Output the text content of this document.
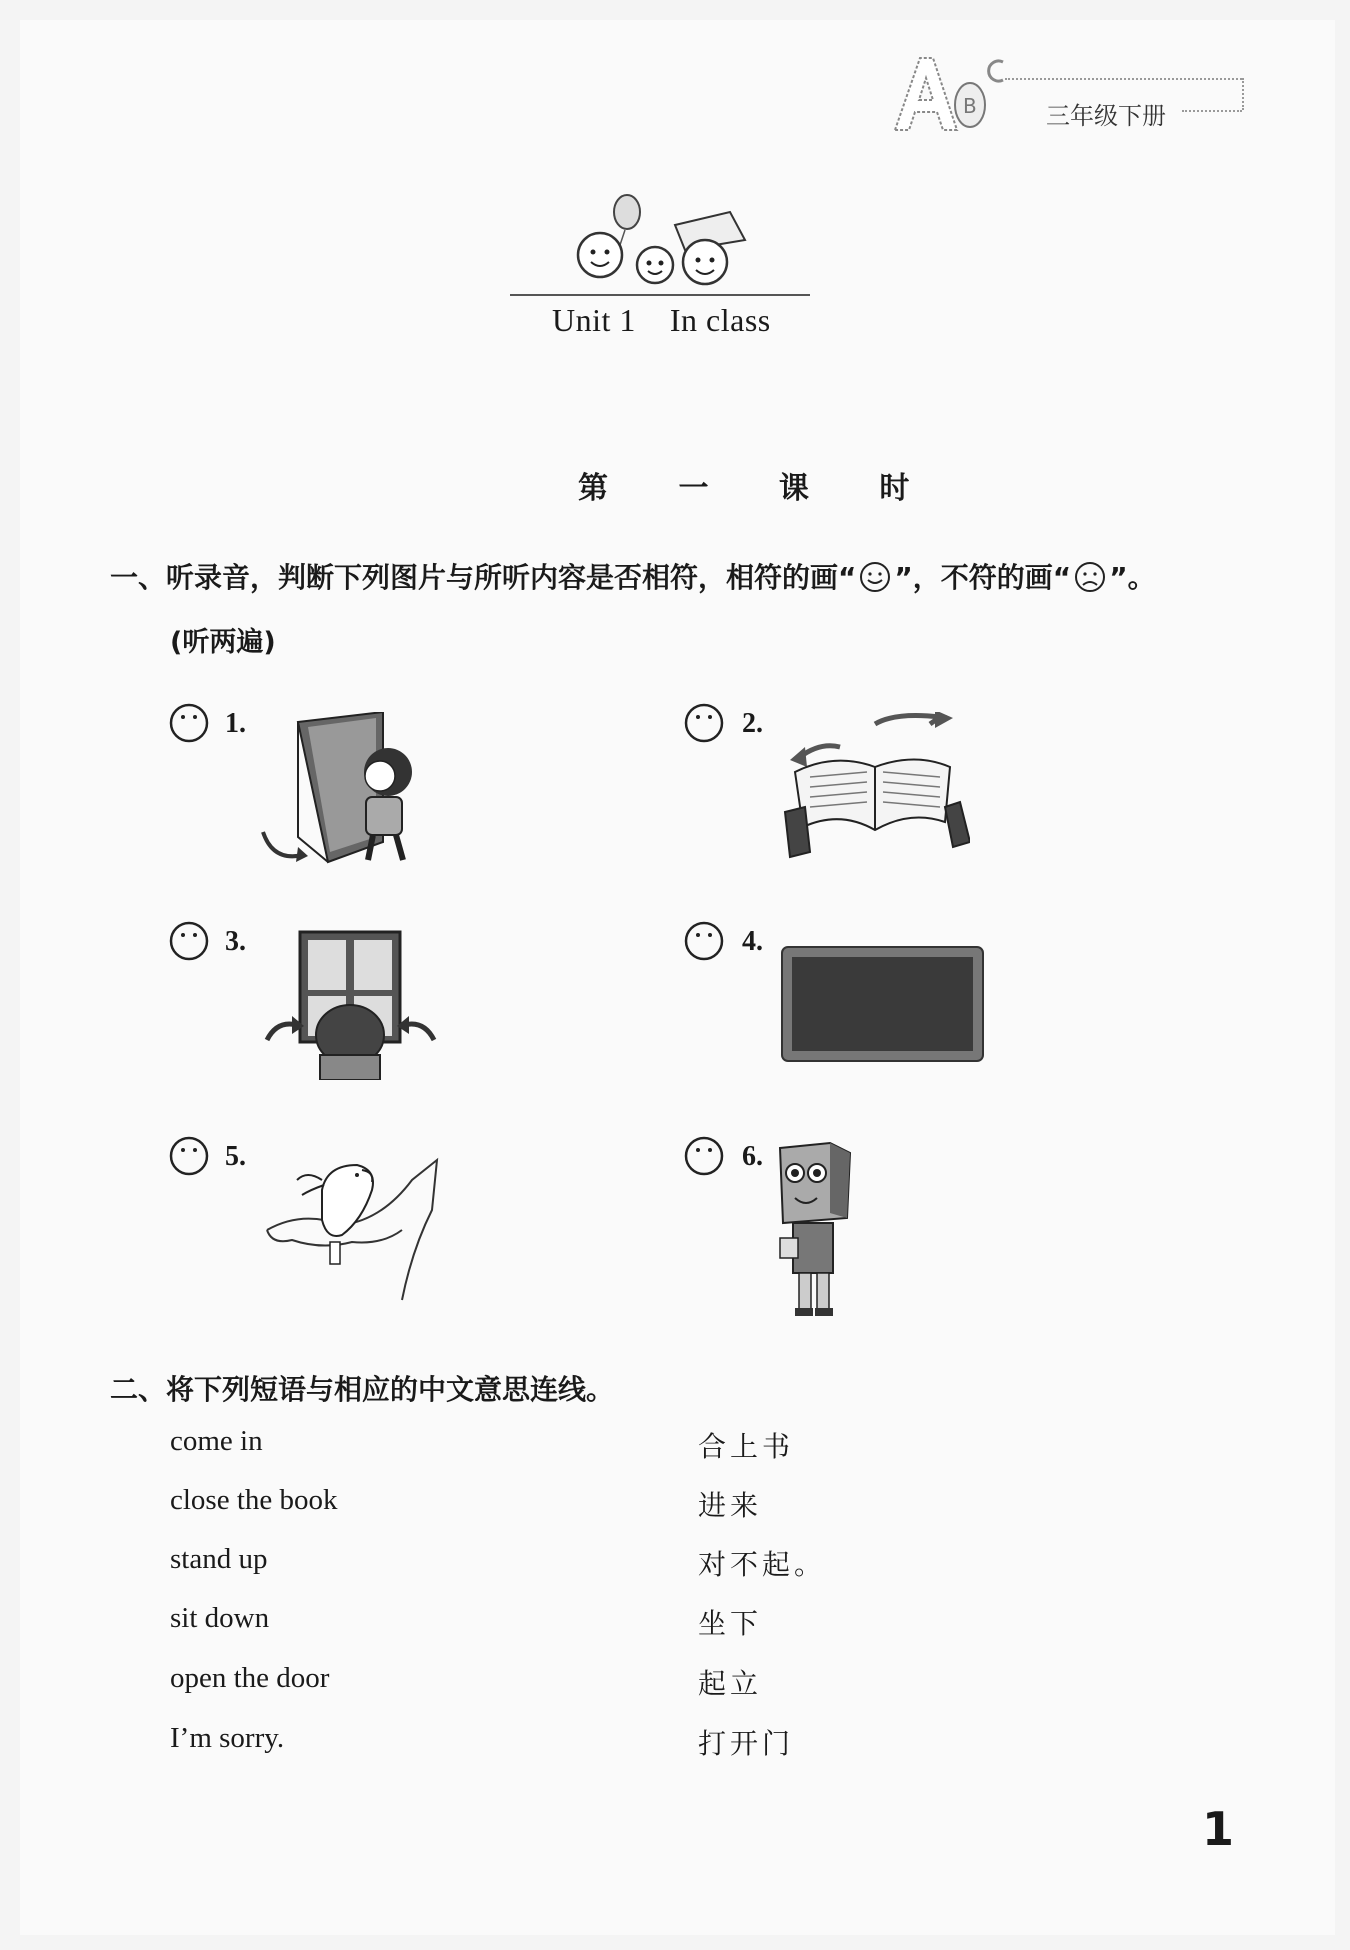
B	三年级下册
Unit 1    In class
第 一 课 时
一、听录音，判断下列图片与所听内容是否相符，相符的画“ ”，不符的画“ ”。
(听两遍)
1.	2.
3.	4.
5.	6.
二、将下列短语与相应的中文意思连线。
come in
close the book
stand up
sit down
open the door
I’m sorry.
合上书
进来
对不起。
坐下
起立
打开门
1
